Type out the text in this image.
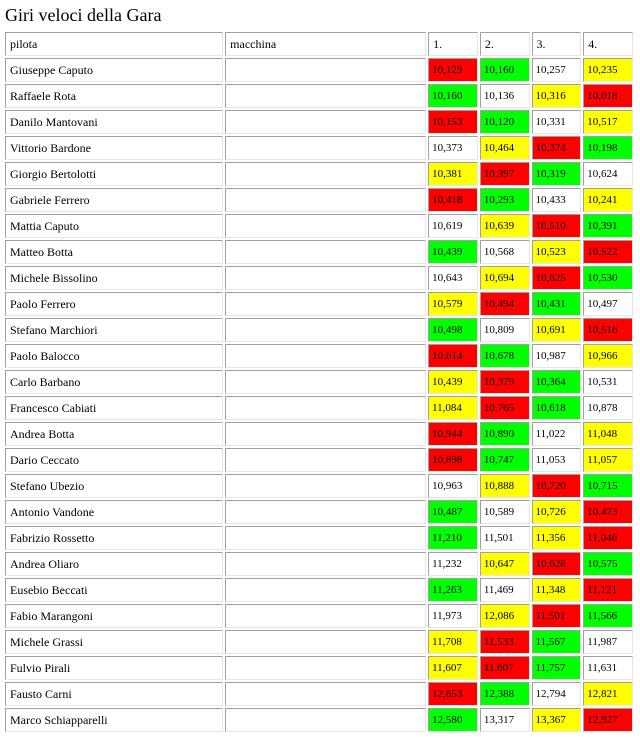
Giri veloci della Gara
pilota	macchina	1.	2.	3.	4.
Giuseppe Caputo		10,129	10,160	10,257	10,235
Raffaele Rota		10,160	10,136	10,316	10,018
Danilo Mantovani		10,153	10,120	10,331	10,517
Vittorio Bardone		10,373	10,464	10,374	10,198
Giorgio Bertolotti		10,381	10,397	10,319	10,624
Gabriele Ferrero		10,418	10,293	10,433	10,241
Mattia Caputo		10,619	10,639	10,510	10,391
Matteo Botta		10,439	10,568	10,523	10,522
Michele Bissolino		10,643	10,694	10,625	10,530
Paolo Ferrero		10,579	10,494	10,431	10,497
Stefano Marchiori		10,498	10,809	10,691	10,516
Paolo Balocco		10,614	10,678	10,987	10,966
Carlo Barbano		10,439	10,379	10,364	10,531
Francesco Cabiati		11,084	10,765	10,618	10,878
Andrea Botta		10,944	10,890	11,022	11,048
Dario Ceccato		10,898	10,747	11,053	11,057
Stefano Ubezio		10,963	10,888	10,720	10,715
Antonio Vandone		10,487	10,589	10,726	10,473
Fabrizio Rossetto		11,210	11,501	11,356	11,046
Andrea Oliaro		11,232	10,647	10,628	10,575
Eusebio Beccati		11,263	11,469	11,348	11,121
Fabio Marangoni		11,973	12,086	11,501	11,566
Michele Grassi		11,708	11,533	11,567	11,987
Fulvio Pirali		11,607	11,607	11,757	11,631
Fausto Carni		12,653	12,388	12,794	12,821
Marco Schiapparelli		12,580	13,317	13,367	12,927
